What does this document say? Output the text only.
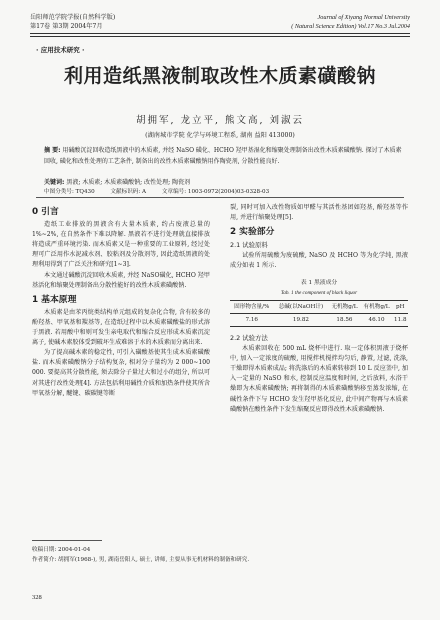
岳阳师范学院学报(自然科学版)
第17卷 第3期 2004年7月
Journal of Xiyang Normal University
( Natural Science Edition) Vol.17 No.3 Jul.2004
· 应用技术研究 ·
利用造纸黑液制取改性木质素磺酸钠
胡拥军, 龙立平, 熊文高, 刘淑云
(湖南城市学院 化学与环境工程系, 湖南 益阳 413000)
摘 要: 用碱酸沉淀回收造纸黑液中的木质素, 并经 NaSO 磺化、HCHO 羟甲基湿化和缩聚处理制备出改性木质素磺酸钠. 探讨了木质素回收, 磺化和改性处理的工艺条件, 制备出的改性木质素磺酸钠用作陶瓷剂, 分散性能良好.
关键词: 黑液; 木质素; 木质素磺酸钠; 改性处理; 陶瓷剂
中图分类号: TQ430	文献标识码: A	文章编号: 1003-0972(2004)03-0328-03
0 引言

造纸工业排放的黑液含有大量木质素, 约占废液总量的 1%~2%, 在自然条件下难以降解. 黑液若不进行处理就直接排放将造成严重环境污染. 而木质素又是一种重要的工业原料, 经过处理可广泛用作水泥减水剂、胶粘剂及分散剂等, 因此造纸黑液的处理利用得到了广泛关注和研究[1~3].

本文通过碱酸沉淀回收木质素, 并经 NaSO磺化, HCHO 羟甲基活化和缩聚处理制备出分散性能好的改性木质素磺酸钠.

1 基本原理

木质素是由苯丙烷类结构单元组成的复杂化合物, 含有较多的酚羟基、甲氧基和羰基等, 在造纸过程中以木质素磺酸盐的形式溶于黑液. 若用酸中和则可发生亲电取代和缩合反应形成木质素沉淀离子, 使碱木素胶体受到破坏生成难溶于水的木质素而分离出来.

为了提高碱木素的稳定性, 可引入磺酸基使其生成木质素磺酸盐. 而木质素磺酸钠分子结构复杂, 相对分子量约为 2 000~100 000. 要提高其分散性能, 须去除分子量过大和过小的组分, 所以可对其进行改性处理[4]. 方法包括利用碱性介质和加热条件使其所含甲氧基分解, 醚键、碳碳键等断

裂, 同时可加入改性物质如甲醛与其活性基团如羟基, 酚羟基等作用, 并进行缩聚处理[5].

2 实验部分
2.1 试验原料

试验所用硫酸为废硫酸, NaSO 及 HCHO 等为化学纯, 黑液成分如表 1 所示.

表 1 黑液成分
Tab. 1 the component of black liquor
固形物含量/%	总碱(以NaOH计)	无机物g/L	有机物g/L	pH
7.16	19.82	18.56	46.10	11.8
2.2 试验方法

木质素回收在 500 mL 烧杯中进行. 取一定体积黑液于烧杯中, 加入一定浓度的硫酸, 用搅拌机搅拌均匀后, 静置, 过滤, 洗涤, 干燥即得木质素成品; 将洗涤后的木质素转移到 10 L 反应釜中, 加入一定量的 NaSO 和水, 控制反应温度和时间, 之后放料, 水浴干燥即为木质素磺酸钠; 再将制得的木质素磺酸钠移至蒸发浓缩, 在碱性条件下与 HCHO 发生羟甲基化反应, 此中间产物再与木质素磺酸钠在酸性条件下发生缩聚反应即得改性木质素磺酸钠.

收稿日期: 2004-01-04
作者简介: 胡拥军(1968-), 男, 湖南岳阳人, 硕士, 讲师, 主要从事无机材料的制备和研究.
328
